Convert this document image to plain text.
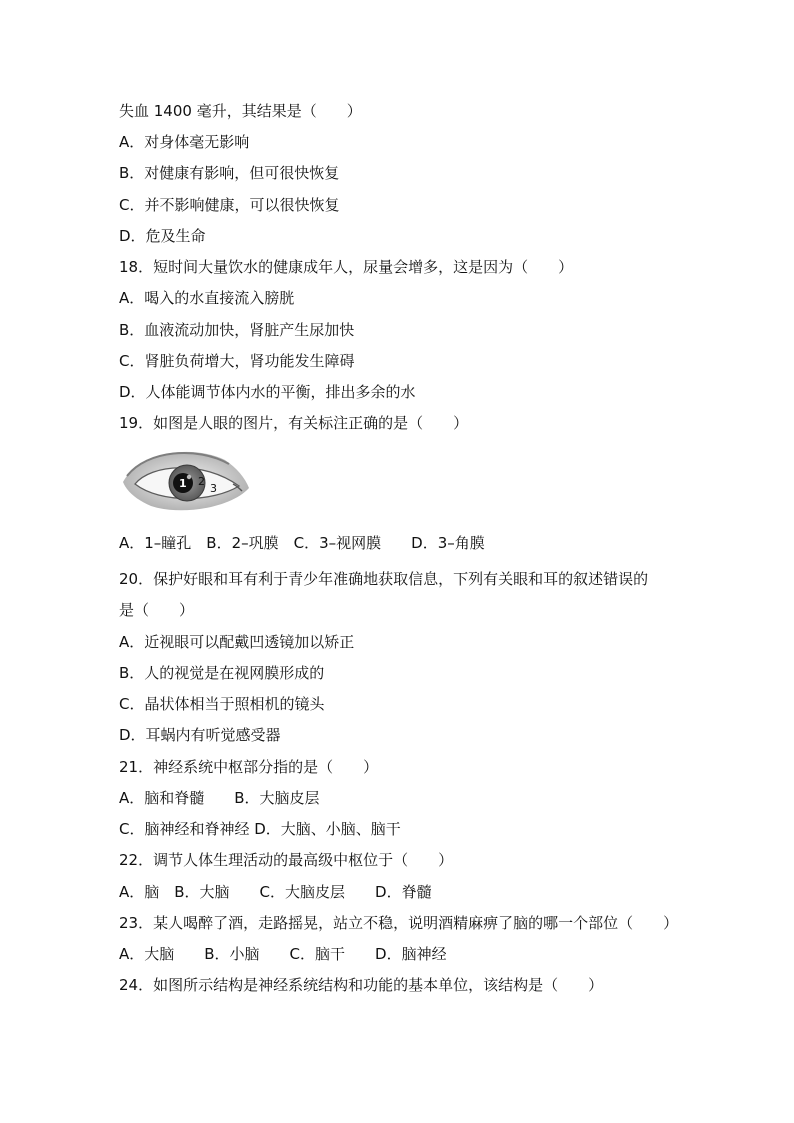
失血 1400 毫升，其结果是（　　）
A．对身体毫无影响
B．对健康有影响，但可很快恢复
C．并不影响健康，可以很快恢复
D．危及生命
18．短时间大量饮水的健康成年人，尿量会增多，这是因为（　　）
A．喝入的水直接流入膀胱
B．血液流动加快，肾脏产生尿加快
C．肾脏负荷增大，肾功能发生障碍
D．人体能调节体内水的平衡，排出多余的水
19．如图是人眼的图片，有关标注正确的是（　　）
1 2
3
A．1–瞳孔　B．2–巩膜　C．3–视网膜　　D．3–角膜
20．保护好眼和耳有利于青少年准确地获取信息，下列有关眼和耳的叙述错误的
是（　　）
A．近视眼可以配戴凹透镜加以矫正
B．人的视觉是在视网膜形成的
C．晶状体相当于照相机的镜头
D．耳蜗内有听觉感受器
21．神经系统中枢部分指的是（　　）
A．脑和脊髓　　B．大脑皮层
C．脑神经和脊神经 D．大脑、小脑、脑干
22．调节人体生理活动的最高级中枢位于（　　）
A．脑　B．大脑　　C．大脑皮层　　D．脊髓
23．某人喝醉了酒，走路摇晃，站立不稳，说明酒精麻痹了脑的哪一个部位（　　）
A．大脑　　B．小脑　　C．脑干　　D．脑神经
24．如图所示结构是神经系统结构和功能的基本单位，该结构是（　　）
